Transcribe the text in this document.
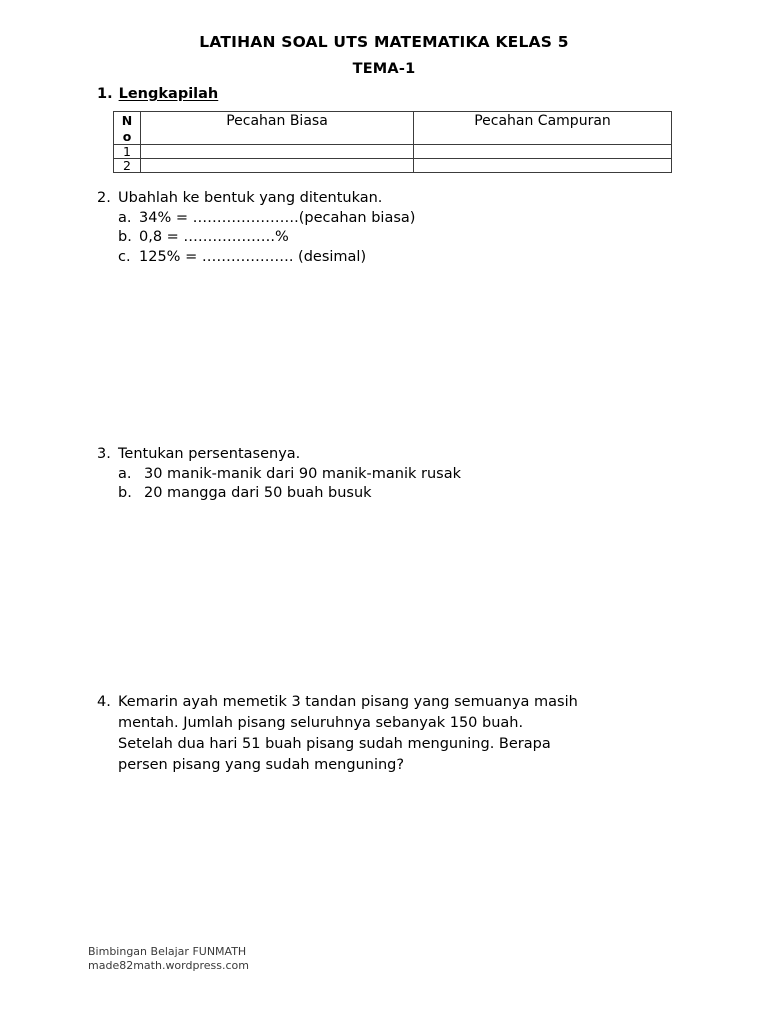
LATIHAN SOAL UTS MATEMATIKA KELAS 5
TEMA-1
1. Lengkapilah
N
o	Pecahan Biasa	Pecahan Campuran
1		
2		
2. Ubahlah ke bentuk yang ditentukan.
a. 34% = ………………….(pecahan biasa)
b. 0,8 = ……………….%
c. 125% = ………………. (desimal)
3. Tentukan persentasenya.
a. 30 manik-manik dari 90 manik-manik rusak
b. 20 mangga dari 50 buah busuk
4. Kemarin ayah memetik 3 tandan pisang yang semuanya masih
mentah. Jumlah pisang seluruhnya sebanyak 150 buah.
Setelah dua hari 51 buah pisang sudah menguning. Berapa
persen pisang yang sudah menguning?
Bimbingan Belajar FUNMATH
made82math.wordpress.com
